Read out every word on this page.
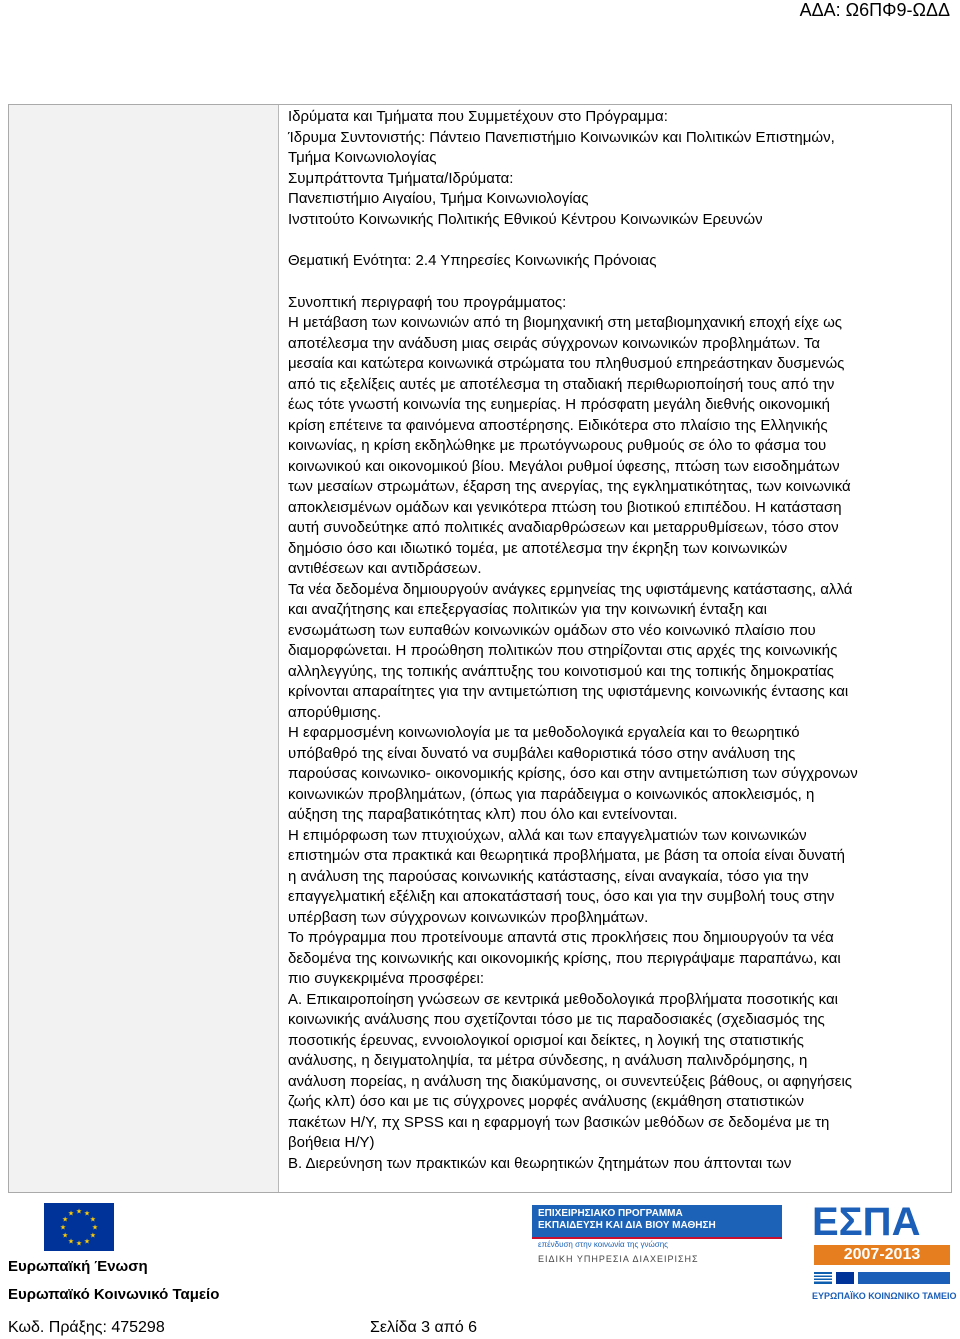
ΑΔΑ: Ω6ΠΦ9-ΩΔΔ
Ιδρύματα και Τμήματα που Συμμετέχουν στο Πρόγραμμα:
Ίδρυμα Συντονιστής: Πάντειο Πανεπιστήμιο Κοινωνικών και Πολιτικών Επιστημών,
Τμήμα Κοινωνιολογίας
Συμπράττοντα Τμήματα/Ιδρύματα:
Πανεπιστήμιο Αιγαίου, Τμήμα Κοινωνιολογίας
Ινστιτούτο Κοινωνικής Πολιτικής Εθνικού Κέντρου Κοινωνικών Ερευνών
Θεματική Ενότητα: 2.4 Υπηρεσίες Κοινωνικής Πρόνοιας
Συνοπτική περιγραφή του προγράμματος:
Η μετάβαση των κοινωνιών από τη βιομηχανική στη μεταβιομηχανική εποχή είχε ως
αποτέλεσμα την ανάδυση μιας σειράς σύγχρονων κοινωνικών προβλημάτων. Τα
μεσαία και κατώτερα κοινωνικά στρώματα του πληθυσμού επηρεάστηκαν δυσμενώς
από τις εξελίξεις αυτές με αποτέλεσμα τη σταδιακή περιθωριοποίησή τους από την
έως τότε γνωστή κοινωνία της ευημερίας. Η πρόσφατη μεγάλη διεθνής οικονομική
κρίση επέτεινε τα φαινόμενα αποστέρησης. Ειδικότερα στο πλαίσιο της Ελληνικής
κοινωνίας, η κρίση εκδηλώθηκε με πρωτόγνωρους ρυθμούς σε όλο το φάσμα του
κοινωνικού και οικονομικού βίου. Μεγάλοι ρυθμοί ύφεσης, πτώση των εισοδημάτων
των μεσαίων στρωμάτων, έξαρση της ανεργίας, της εγκληματικότητας, των κοινωνικά
αποκλεισμένων ομάδων και γενικότερα πτώση του βιοτικού επιπέδου. Η κατάσταση
αυτή συνοδεύτηκε από πολιτικές αναδιαρθρώσεων και μεταρρυθμίσεων, τόσο στον
δημόσιο όσο και ιδιωτικό τομέα, με αποτέλεσμα την έκρηξη των κοινωνικών
αντιθέσεων και αντιδράσεων.
Τα νέα δεδομένα δημιουργούν ανάγκες ερμηνείας της υφιστάμενης κατάστασης, αλλά
και αναζήτησης και επεξεργασίας πολιτικών για την κοινωνική ένταξη και
ενσωμάτωση των ευπαθών κοινωνικών ομάδων στο νέο κοινωνικό πλαίσιο που
διαμορφώνεται. Η προώθηση πολιτικών που στηρίζονται στις αρχές της κοινωνικής
αλληλεγγύης, της τοπικής ανάπτυξης του κοινοτισμού και της τοπικής δημοκρατίας
κρίνονται απαραίτητες για την αντιμετώπιση της υφιστάμενης κοινωνικής έντασης και
απορύθμισης.
Η εφαρμοσμένη κοινωνιολογία με τα μεθοδολογικά εργαλεία και το θεωρητικό
υπόβαθρό της είναι δυνατό να συμβάλει καθοριστικά τόσο στην ανάλυση της
παρούσας κοινωνικο- οικονομικής κρίσης, όσο και στην αντιμετώπιση των σύγχρονων
κοινωνικών προβλημάτων, (όπως για παράδειγμα ο κοινωνικός αποκλεισμός, η
αύξηση της παραβατικότητας κλπ) που όλο και εντείνονται.
Η επιμόρφωση των πτυχιούχων, αλλά και των επαγγελματιών των κοινωνικών
επιστημών στα πρακτικά και θεωρητικά προβλήματα, με βάση τα οποία είναι δυνατή
η ανάλυση της παρούσας κοινωνικής κατάστασης, είναι αναγκαία, τόσο για την
επαγγελματική εξέλιξη και αποκατάστασή τους, όσο και για την συμβολή τους στην
υπέρβαση των σύγχρονων κοινωνικών προβλημάτων.
Το πρόγραμμα που προτείνουμε απαντά στις προκλήσεις που δημιουργούν τα νέα
δεδομένα της κοινωνικής και οικονομικής κρίσης, που περιγράψαμε παραπάνω, και
πιο συγκεκριμένα προσφέρει:
Α. Επικαιροποίηση γνώσεων σε κεντρικά μεθοδολογικά προβλήματα ποσοτικής και
κοινωνικής ανάλυσης που σχετίζονται τόσο με τις παραδοσιακές (σχεδιασμός της
ποσοτικής έρευνας, εννοιολογικοί ορισμοί και δείκτες, η λογική της στατιστικής
ανάλυσης, η δειγματοληψία, τα μέτρα σύνδεσης, η ανάλυση παλινδρόμησης, η
ανάλυση πορείας, η ανάλυση της διακύμανσης, οι συνεντεύξεις βάθους, οι αφηγήσεις
ζωής κλπ) όσο και με τις σύγχρονες μορφές ανάλυσης (εκμάθηση στατιστικών
πακέτων Η/Υ, πχ SPSS και η εφαρμογή των βασικών μεθόδων σε δεδομένα με τη
βοήθεια Η/Υ)
Β. Διερεύνηση των πρακτικών και θεωρητικών ζητημάτων που άπτονται των
★ ★
★
★
★
★
★
★
★
★
★
★
Ευρωπαϊκή Ένωση
Ευρωπαϊκό Κοινωνικό Ταμείο
Κωδ. Πράξης: 475298	Σελίδα 3 από 6
ΕΠΙΧΕΙΡΗΣΙΑΚΟ ΠΡΟΓΡΑΜΜΑ
ΕΚΠΑΙΔΕΥΣΗ ΚΑΙ ΔΙΑ ΒΙΟΥ ΜΑΘΗΣΗ
επένδυση στην κοινωνία της γνώσης
ΕΙΔΙΚΗ ΥΠΗΡΕΣΙΑ ΔΙΑΧΕΙΡΙΣΗΣ
ΕΣΠΑ
2007-2013
ΕΥΡΩΠΑΪΚΟ ΚΟΙΝΩΝΙΚΟ ΤΑΜΕΙΟ
